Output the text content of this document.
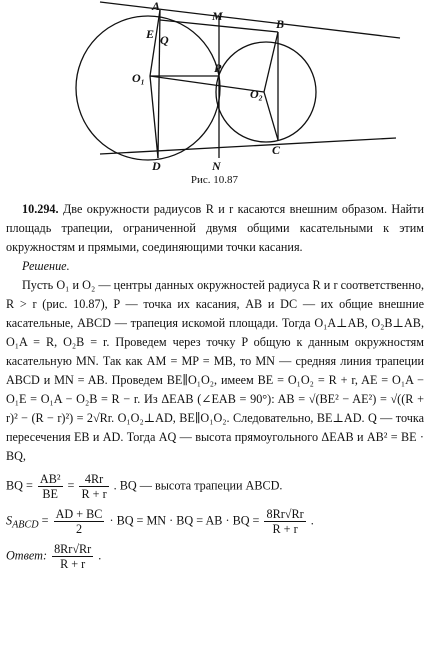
A
M
B
E Q
O₁
P
O₂
D	N
C
Рис. 10.87

10.294. Две окружности радиусов R и r касаются внешним образом. Найти площадь трапеции, ограниченной двумя общими касательными к этим окружностям и прямыми, соединяющими точки касания.

Решение.

Пусть O₁ и O₂ — центры данных окружностей радиуса R и r соответственно, R > r (рис. 10.87), P — точка их касания, AB и DC — их общие внешние касательные, ABCD — трапеция искомой площади. Тогда O₁A⊥AB, O₂B⊥AB, O₁A = R, O₂B = r. Проведем через точку P общую к данным окружностям касательную MN. Так как AM = MP = MB, то MN — средняя линия трапеции ABCD и MN = AB. Проведем BE∥O₁O₂, имеем BE = O₁O₂ = R + r, AE = O₁A − O₁E = O₁A − O₂B = R − r. Из ΔEAB (∠EAB = 90°): AB = √(BE² − AE²) = √((R + r)² − (R − r)²) = 2√Rr. O₁O₂⊥AD, BE∥O₁O₂. Следовательно, BE⊥AD. Q — точка пересечения EB и AD. Тогда AQ — высота прямоугольного ΔEAB и AB² = BE · BQ,

BQ = $\frac{\text{AB²}}{BE} = \frac{4Rr}{R + r}$ . BQ — высота трапеции ABCD.
$S_{ABCD} = \frac{AD + BC}{2}$ · BQ = MN · BQ = AB · BQ = $\frac{8Rr√Rr}{R + r}$ .
Ответ: $\frac{8Rr√Rr}{R + r}$ .
